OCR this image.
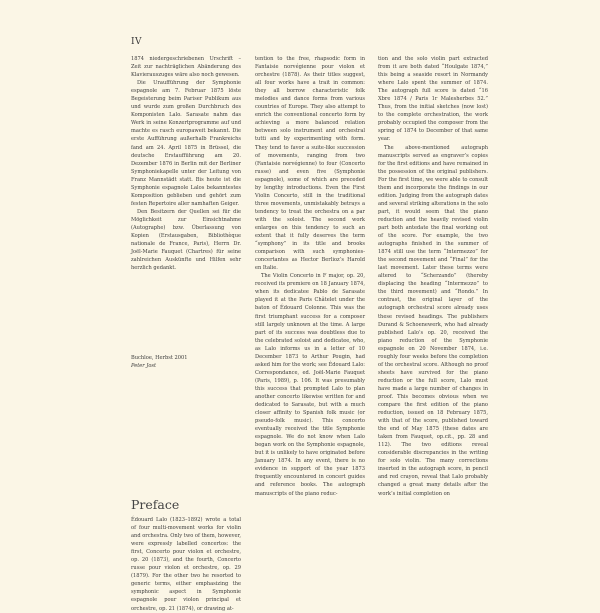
IV

1874 niedergeschriebenen Urschrift – Zeit zur nachträglichen Abänderung des Klavierauszuges wäre also noch gewesen.

Die Uraufführung der Symphonie espagnole am 7. Februar 1875 löste Begeisterung beim Pariser Publikum aus und wurde zum großen Durchbruch des Komponisten Lalo. Sarasate nahm das Werk in seine Konzertprogramme auf und machte es rasch europaweit bekannt. Die erste Aufführung außerhalb Frankreichs fand am 24. April 1875 in Brüssel, die deutsche Erstaufführung am 20. Dezember 1876 in Berlin mit der Berliner Symphoniekapelle unter der Leitung von Franz Mannstädt statt. Bis heute ist die Symphonie espagnole Lalos bekanntestes Komposition geblieben und gehört zum festen Repertoire aller namhaften Geiger.

Den Besitzern der Quellen sei für die Möglichkeit zur Einsichtnahme (Autographe) bzw. Überlassung von Kopien (Erstausgaben, Bibliothèque nationale de France, Paris), Herrn Dr. Joël-Marie Fauquet (Chartres) für seine zahlreichen Auskünfte und Hilfen sehr herzlich gedankt.

Buchloe, Herbst 2001
Peter Jost
Preface

Édouard Lalo (1823–1892) wrote a total of four multi-movement works for violin and orchestra. Only two of them, however, were expressly labelled concertos: the first, Concerto pour violon et orchestre, op. 20 (1873), and the fourth, Concerto russe pour violon et orchestre, op. 29 (1879). For the other two he resorted to generic terms, either emphasizing the symphonic aspect in Symphonie espagnole pour violon principal et orchestre, op. 21 (1874), or drawing at-

tention to the free, rhapsodic form in Fantaisie norvégienne pour violon et orchestre (1878). As their titles suggest, all four works have a trait in common: they all borrow characteristic folk melodies and dance forms from various countries of Europe. They also attempt to enrich the conventional concerto form by achieving a more balanced relation between solo instrument and orchestral tutti and by experimenting with form. They tend to favor a suite-like succession of movements, ranging from two (Fantaisie norvégienne) to four (Concerto russe) and even five (Symphonie espagnole), some of which are preceded by lengthy introductions. Even the First Violin Concerto, still in the traditional three movements, unmistakably betrays a tendency to treat the orchestra on a par with the soloist. The second work enlarges on this tendency to such an extent that it fully deserves the term “symphony” in its title and brooks comparison with such symphonies-concertantes as Hector Berlioz’s Harold en Italie.

The Violin Concerto in F major, op. 20, received its premiere on 18 January 1874, when its dedicatee Pablo de Sarasate played it at the Paris Châtelet under the baton of Édouard Colonne. This was the first triumphant success for a composer still largely unknown at the time. A large part of its success was doubtless due to the celebrated soloist and dedicatee, who, as Lalo informs us in a letter of 10 December 1873 to Arthur Pougin, had asked him for the work; see Édouard Lalo: Correspondance, ed. Joël-Marie Fauquet (Paris, 1989), p. 106. It was presumably this success that prompted Lalo to plan another concerto likewise written for and dedicated to Sarasate, but with a much closer affinity to Spanish folk music (or pseudo-folk music). This concerto eventually received the title Symphonie espagnole. We do not know when Lalo began work on the Symphonie espagnole, but it is unlikely to have originated before January 1874. In any event, there is no evidence in support of the year 1873 frequently encountered in concert guides and reference books. The autograph manuscripts of the piano reduc-

tion and the solo violin part extracted from it are both dated “Houlgate 1874,” this being a seaside resort in Normandy where Lalo spent the summer of 1874. The autograph full score is dated “16 Xbre 1874 / Paris 1r Malesherbes 52.” Thus, from the initial sketches (now lost) to the complete orchestration, the work probably occupied the composer from the spring of 1874 to December of that same year.

The above-mentioned autograph manuscripts served as engraver’s copies for the first editions and have remained in the possession of the original publishers. For the first time, we were able to consult them and incorporate the findings in our edition. Judging from the autograph dates and several striking alterations in the solo part, it would seem that the piano reduction and the heavily revised violin part both antedate the final working out of the score. For example, the two autographs finished in the summer of 1874 still use the term “Intermezzo” for the second movement and “Final” for the last movement. Later these terms were altered to “Scherzando” (thereby displacing the heading “Intermezzo” to the third movement) and “Rondo.” In contrast, the original layer of the autograph orchestral score already uses these revised headings. The publishers Durand & Schoenewerk, who had already published Lalo’s op. 20, received the piano reduction of the Symphonie espagnole on 20 November 1874, i.e. roughly four weeks before the completion of the orchestral score. Although no proof sheets have survived for the piano reduction or the full score, Lalo must have made a large number of changes in proof. This becomes obvious when we compare the first edition of the piano reduction, issued on 18 February 1875, with that of the score, published toward the end of May 1875 (these dates are taken from Fauquet, op.cit., pp. 28 and 112). The two editions reveal considerable discrepancies in the writing for solo violin. The many corrections inserted in the autograph score, in pencil and red crayon, reveal that Lalo probably changed a great many details after the work’s initial completion on
